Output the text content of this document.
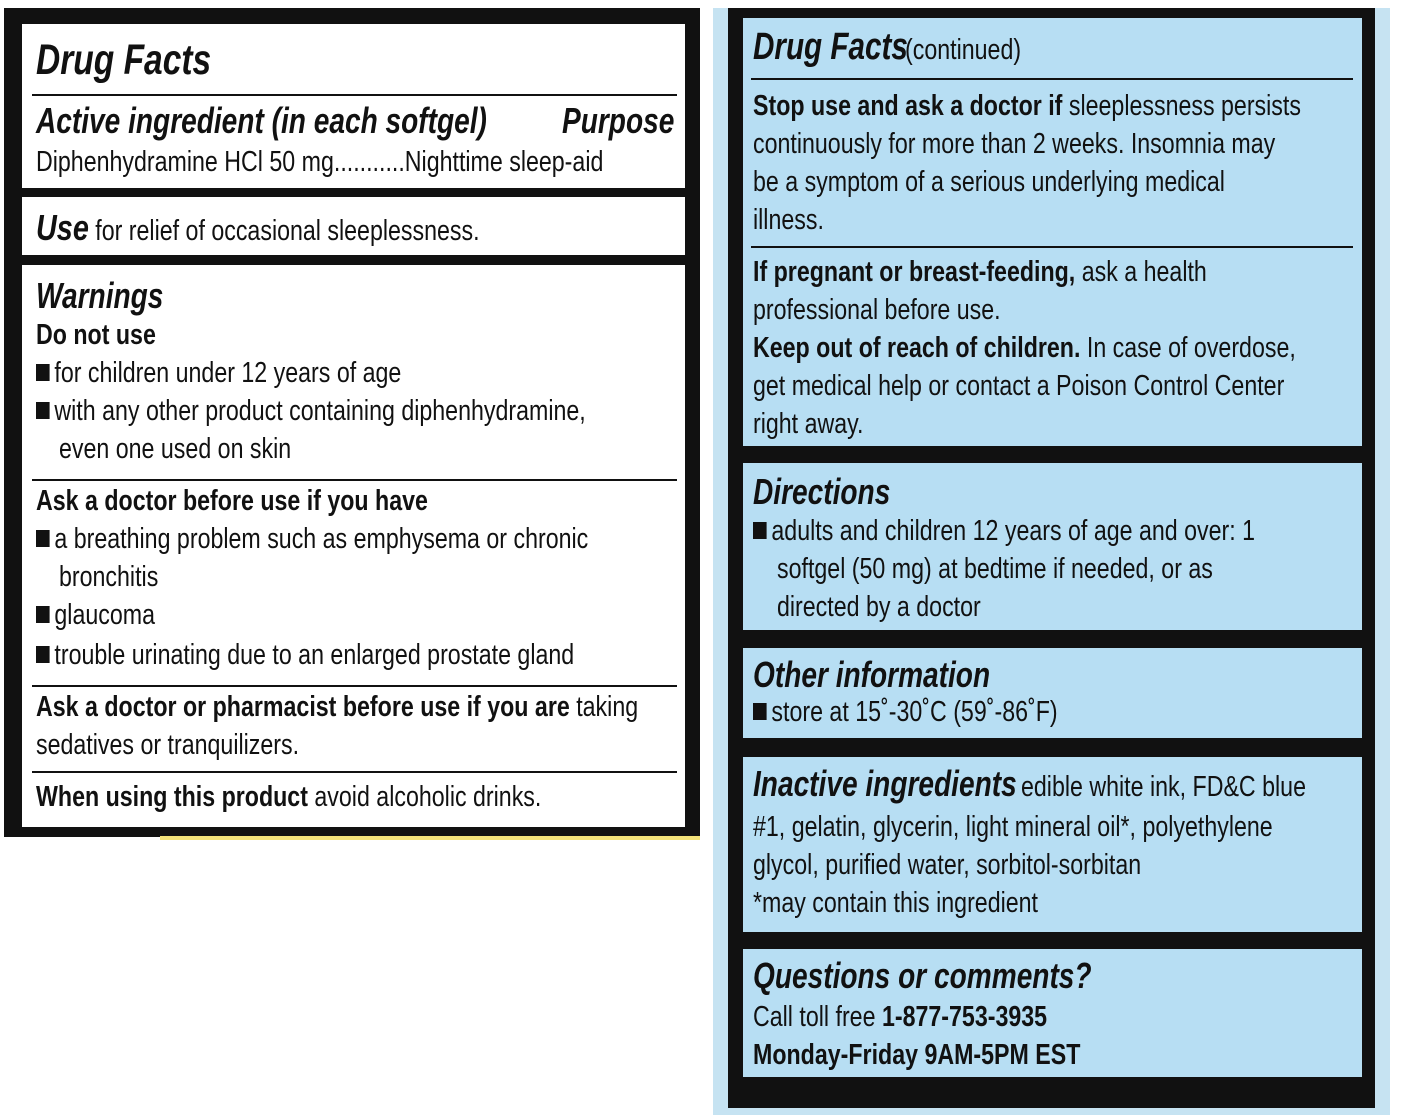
Drug Facts
Active ingredient (in each softgel) Purpose
Diphenhydramine HCl 50 mg...........Nighttime sleep-aid
Use for relief of occasional sleeplessness.
Warnings
Do not use
for children under 12 years of age
with any other product containing diphenhydramine,
even one used on skin
Ask a doctor before use if you have
a breathing problem such as emphysema or chronic
bronchitis
glaucoma
trouble urinating due to an enlarged prostate gland
Ask a doctor or pharmacist before use if you are taking
sedatives or tranquilizers.
When using this product avoid alcoholic drinks.
Drug Facts
(continued)
Stop use and ask a doctor if sleeplessness persists
continuously for more than 2 weeks. Insomnia may
be a symptom of a serious underlying medical
illness.
If pregnant or breast-feeding, ask a health
professional before use.
Keep out of reach of children. In case of overdose,
get medical help or contact a Poison Control Center
right away.
Directions
adults and children 12 years of age and over: 1
softgel (50 mg) at bedtime if needed, or as
directed by a doctor
Other information
store at 15˚-30˚C (59˚-86˚F)
Inactive ingredients edible white ink, FD&C blue
#1, gelatin, glycerin, light mineral oil*, polyethylene
glycol, purified water, sorbitol-sorbitan
*may contain this ingredient
Questions or comments?
Call toll free 1-877-753-3935
Monday-Friday 9AM-5PM EST
